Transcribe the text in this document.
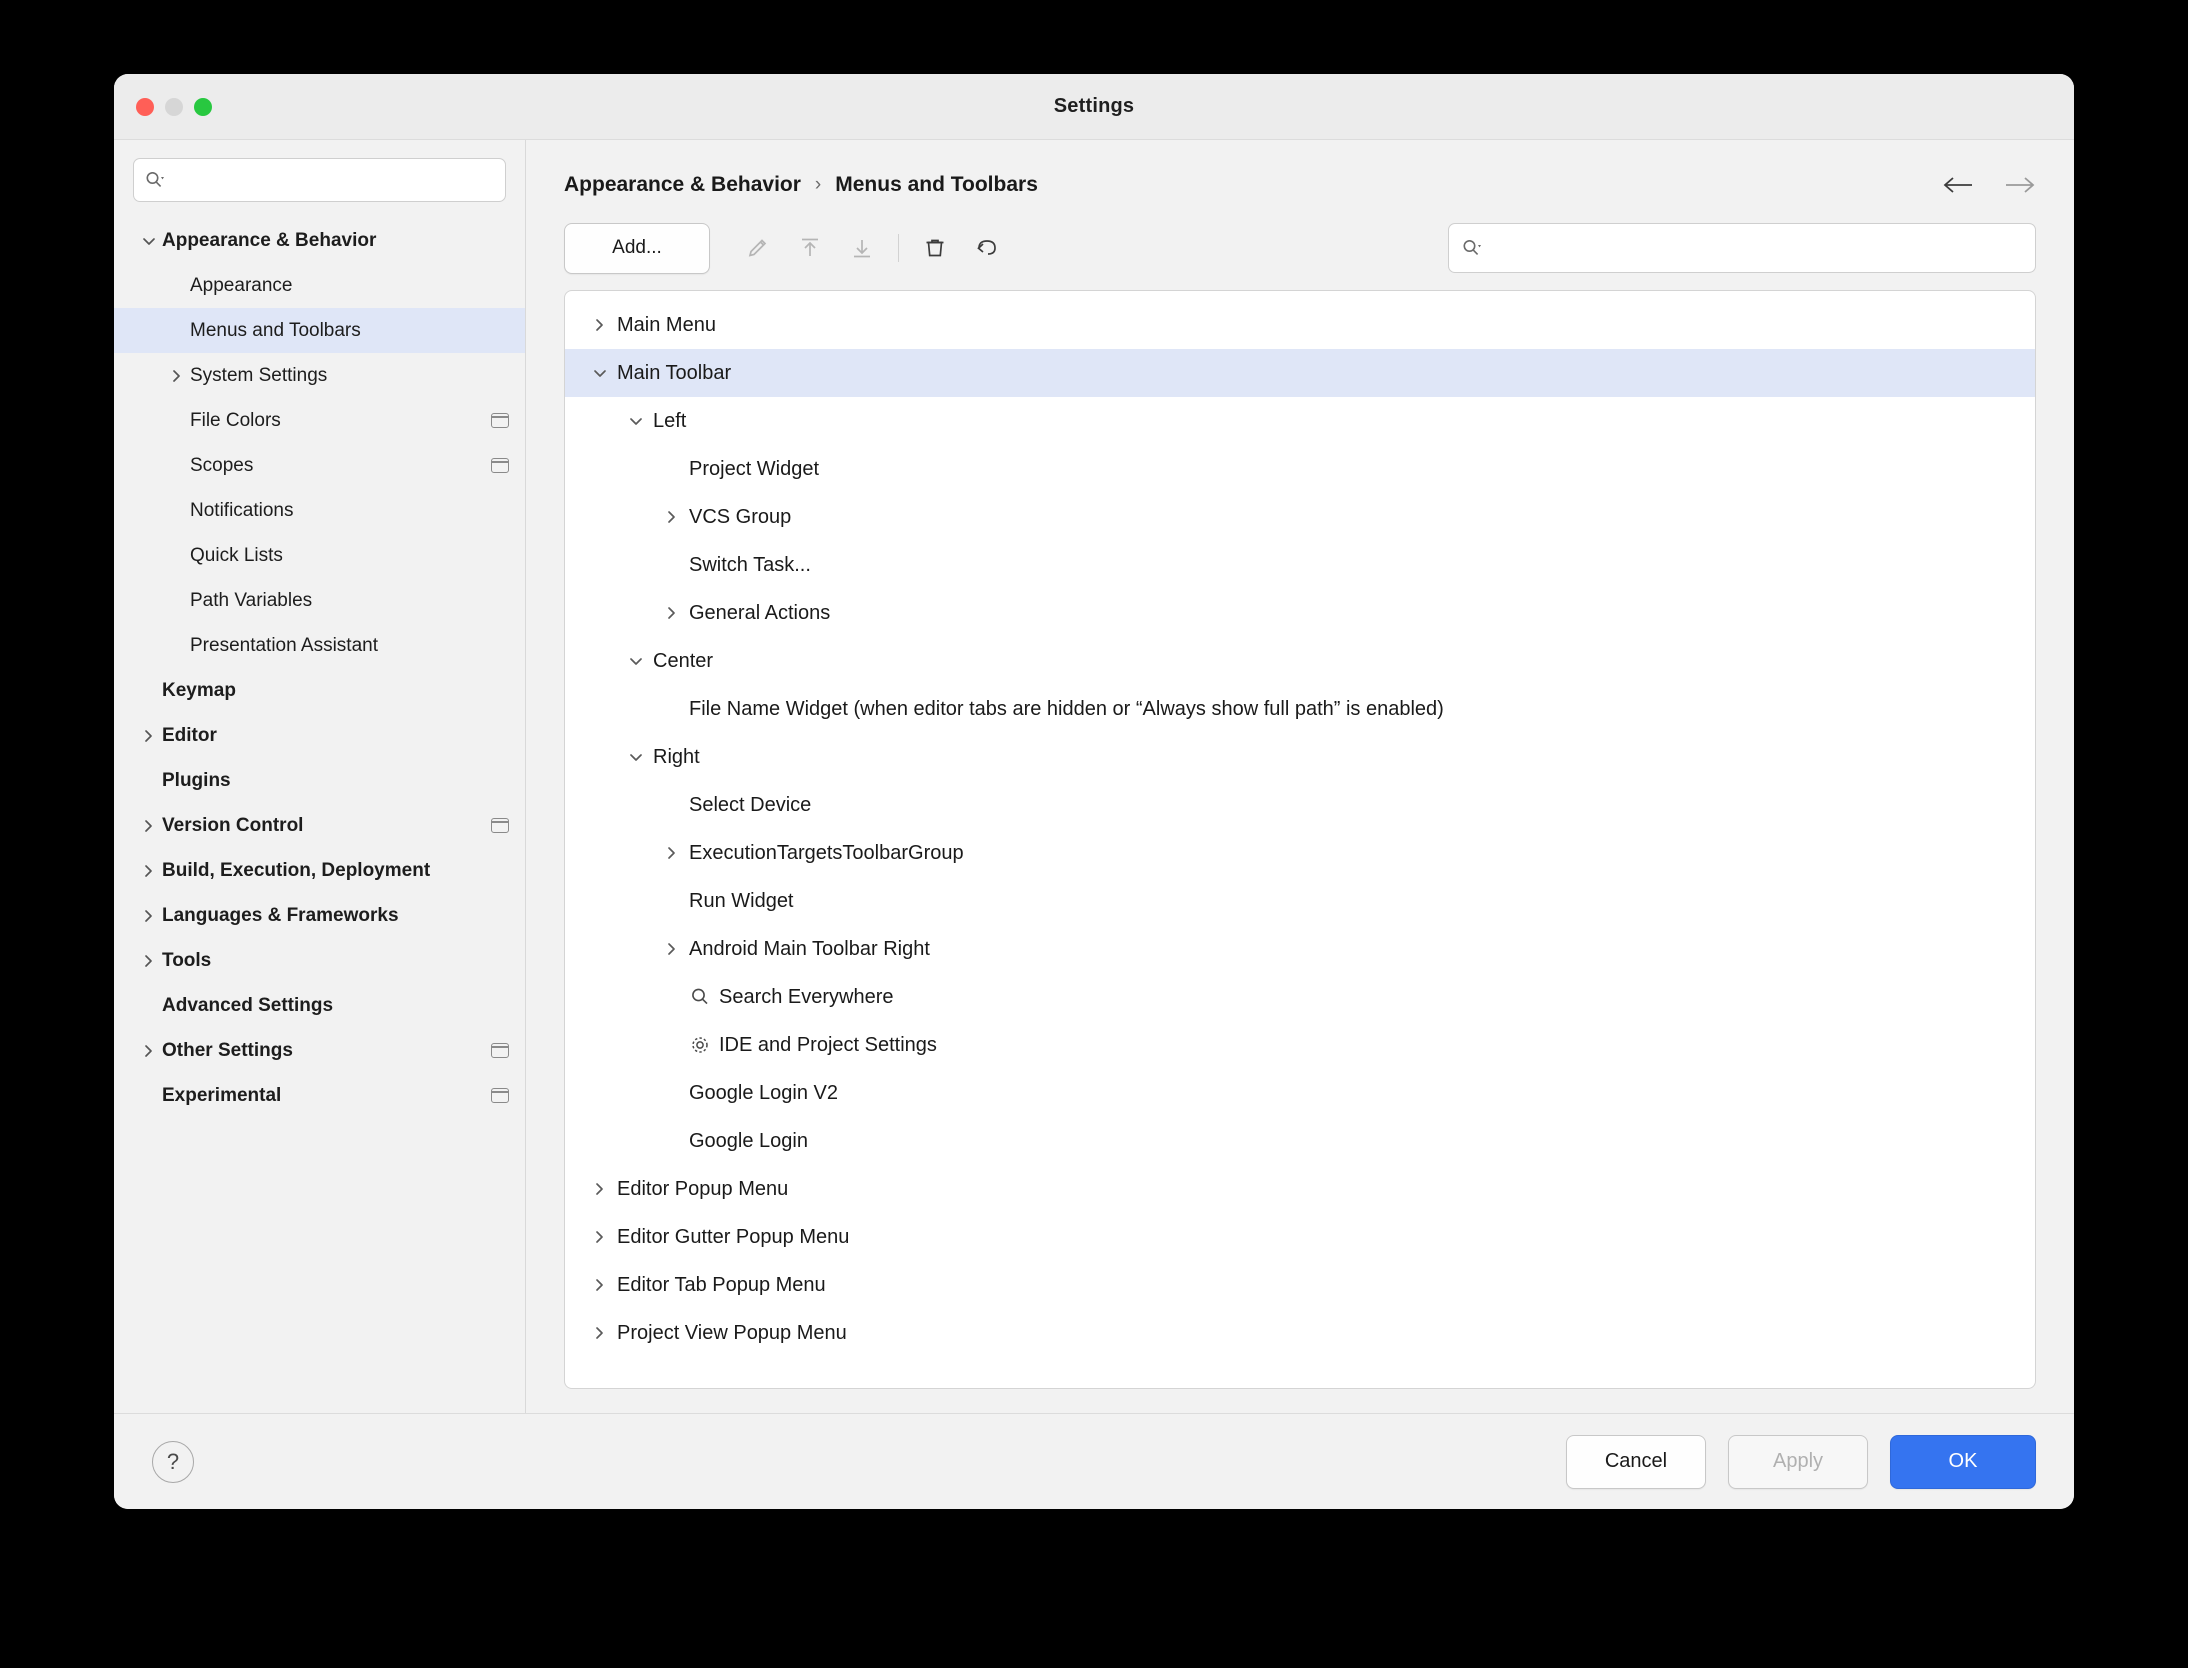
Settings
Appearance & Behavior
Appearance
Menus and Toolbars
System Settings
File Colors
Scopes
Notifications
Quick Lists
Path Variables
Presentation Assistant
Keymap
Editor
Plugins
Version Control
Build, Execution, Deployment
Languages & Frameworks
Tools
Advanced Settings
Other Settings
Experimental
Appearance & Behavior › Menus and Toolbars
Add...
Main Menu
Main Toolbar
Left
Project Widget
VCS Group
Switch Task...
General Actions
Center
File Name Widget (when editor tabs are hidden or “Always show full path” is enabled)
Right
Select Device
ExecutionTargetsToolbarGroup
Run Widget
Android Main Toolbar Right
Search Everywhere
IDE and Project Settings
Google Login V2
Google Login
Editor Popup Menu
Editor Gutter Popup Menu
Editor Tab Popup Menu
Project View Popup Menu
?	Cancel	Apply	OK
